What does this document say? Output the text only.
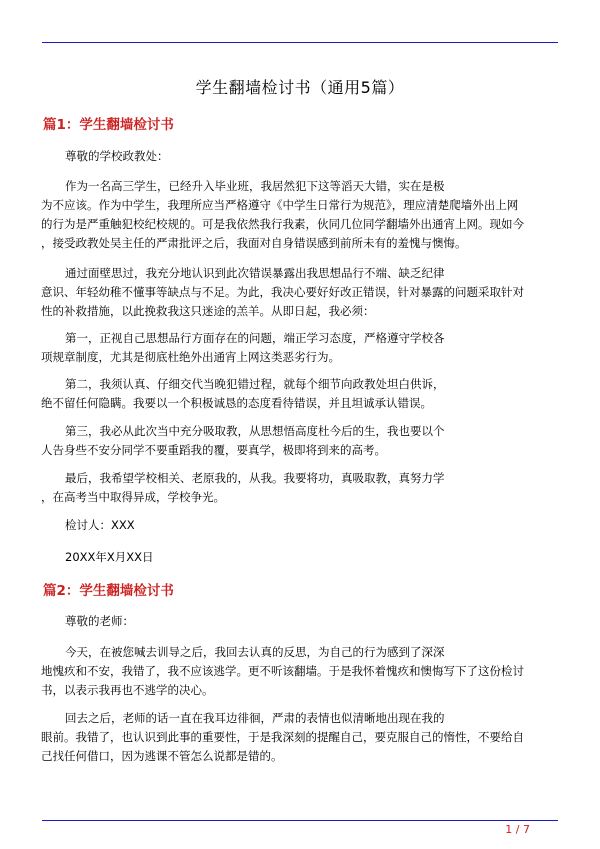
学生翻墙检讨书（通用5篇）
篇1：学生翻墙检讨书
尊敬的学校政教处：
作为一名高三学生，已经升入毕业班，我居然犯下这等滔天大错，实在是极
为不应该。作为中学生，我理所应当严格遵守《中学生日常行为规范》，理应清楚爬墙外出上网
的行为是严重触犯校纪校规的。可是我依然我行我素，伙同几位同学翻墙外出通宵上网。现如今
，接受政教处吴主任的严肃批评之后，我面对自身错误感到前所未有的羞愧与懊悔。
通过面壁思过，我充分地认识到此次错误暴露出我思想品行不端、缺乏纪律
意识、年轻幼稚不懂事等缺点与不足。为此，我决心要好好改正错误，针对暴露的问题采取针对
性的补救措施，以此挽救我这只迷途的羔羊。从即日起，我必须：
第一，正视自己思想品行方面存在的问题，端正学习态度，严格遵守学校各
项规章制度，尤其是彻底杜绝外出通宵上网这类恶劣行为。
第二，我须认真、仔细交代当晚犯错过程，就每个细节向政教处坦白供诉，
绝不留任何隐瞒。我要以一个积极诚恳的态度看待错误，并且坦诚承认错误。
第三，我必从此次当中充分吸取教，从思想悟高度杜今后的生，我也要以个
人告身些不安分同学不要重蹈我的覆，要真学，极即将到来的高考。
最后，我希望学校相关、老原我的，从我。我要将功，真吸取教，真努力学
，在高考当中取得异成，学校争光。
检讨人：XXX
20XX年X月XX日
篇2：学生翻墙检讨书
尊敬的老师：
今天，在被您喊去训导之后，我回去认真的反思，为自己的行为感到了深深
地愧疚和不安，我错了，我不应该逃学。更不听该翻墙。于是我怀着愧疚和懊悔写下了这份检讨
书，以表示我再也不逃学的决心。
回去之后，老师的话一直在我耳边徘徊，严肃的表情也似清晰地出现在我的
眼前。我错了，也认识到此事的重要性，于是我深刻的提醒自己，要克服自己的惰性，不要给自
己找任何借口，因为逃课不管怎么说都是错的。
1 / 7
